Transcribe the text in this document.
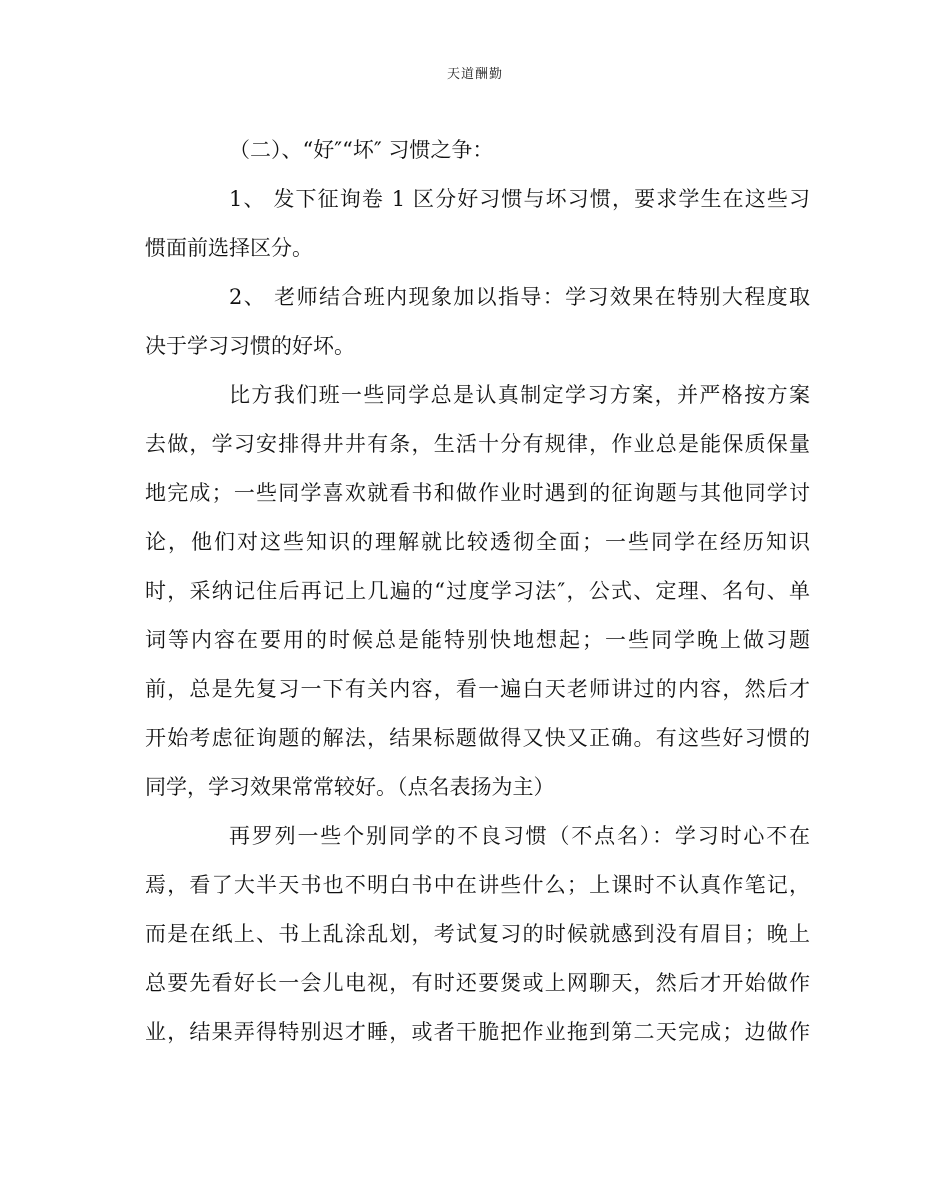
天道酬勤
（二）、“好″“坏″ 习惯之争：
1、 发下征询卷 1 区分好习惯与坏习惯，要求学生在这些习
惯面前选择区分。
2、 老师结合班内现象加以指导：学习效果在特别大程度取
决于学习习惯的好坏。
比方我们班一些同学总是认真制定学习方案，并严格按方案
去做，学习安排得井井有条，生活十分有规律，作业总是能保质保量
地完成；一些同学喜欢就看书和做作业时遇到的征询题与其他同学讨
论，他们对这些知识的理解就比较透彻全面；一些同学在经历知识
时，采纳记住后再记上几遍的“过度学习法″，公式、定理、名句、单
词等内容在要用的时候总是能特别快地想起；一些同学晚上做习题
前，总是先复习一下有关内容，看一遍白天老师讲过的内容，然后才
开始考虑征询题的解法，结果标题做得又快又正确。有这些好习惯的
同学，学习效果常常较好。（点名表扬为主）
再罗列一些个别同学的不良习惯（不点名）：学习时心不在
焉，看了大半天书也不明白书中在讲些什么；上课时不认真作笔记，
而是在纸上、书上乱涂乱划，考试复习的时候就感到没有眉目；晚上
总要先看好长一会儿电视，有时还要煲或上网聊天，然后才开始做作
业，结果弄得特别迟才睡，或者干脆把作业拖到第二天完成；边做作
